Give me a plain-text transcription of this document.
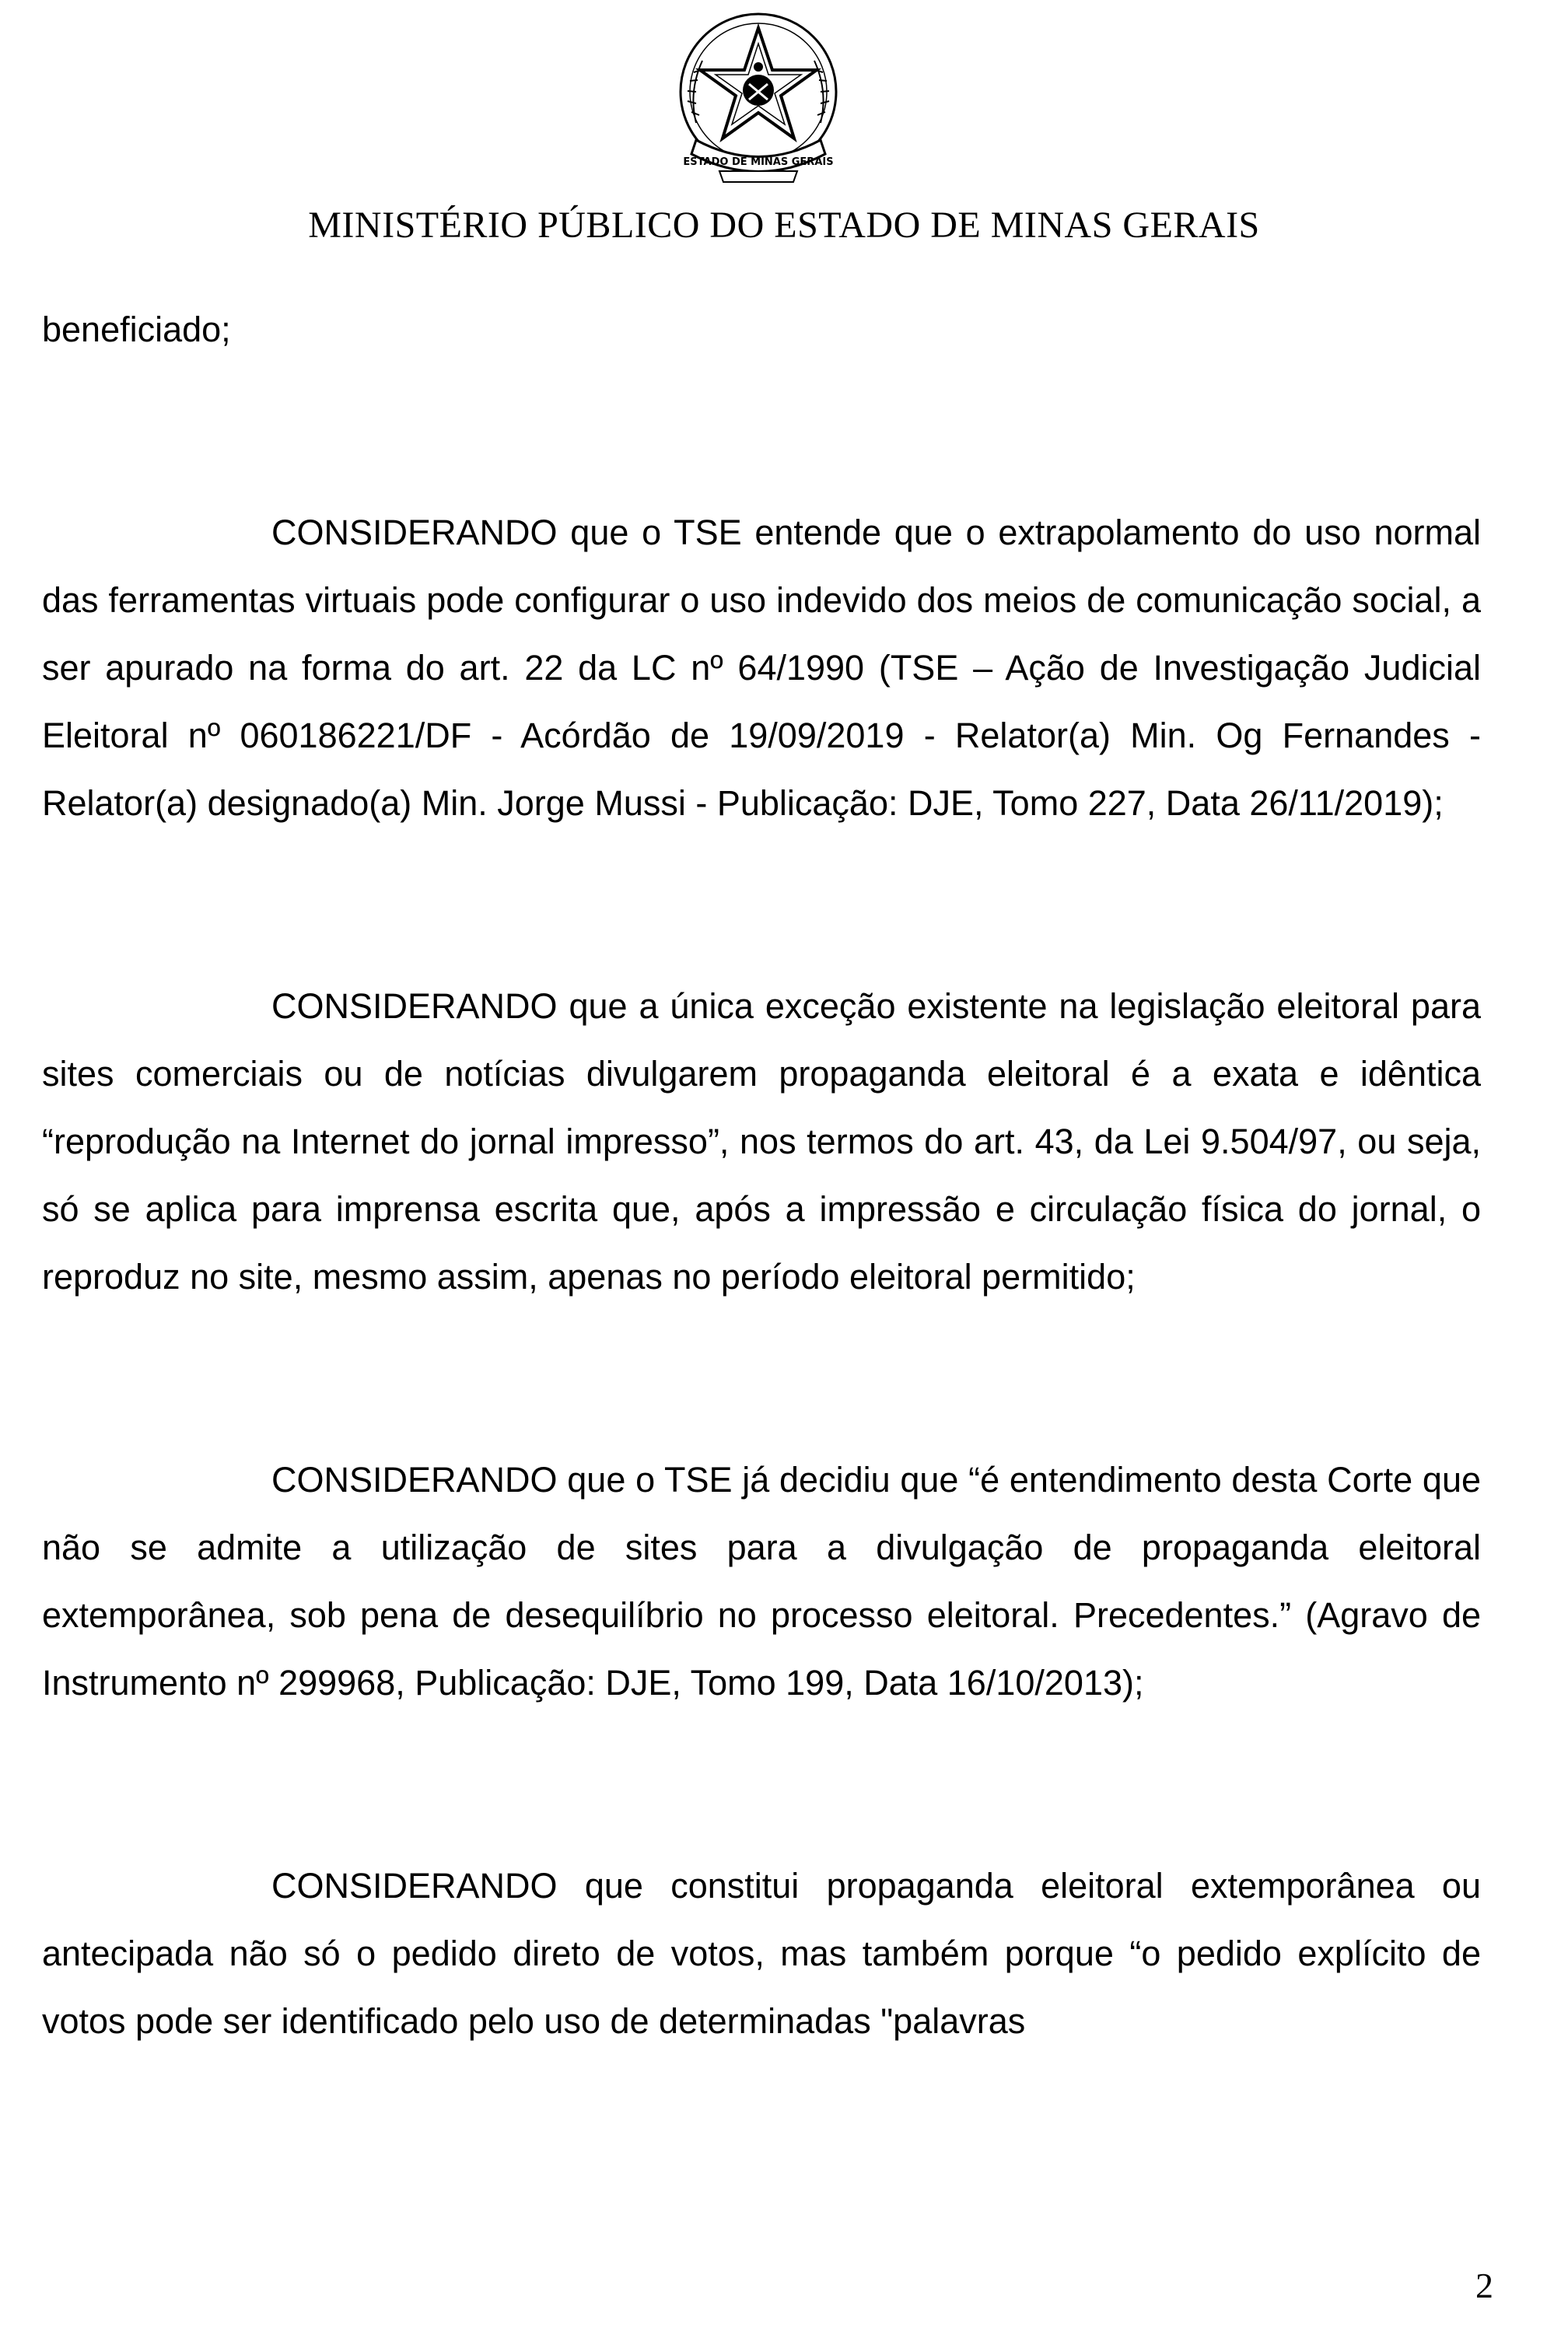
ESTADO DE MINAS GERAIS
MINISTÉRIO PÚBLICO DO ESTADO DE MINAS GERAIS

beneficiado;

CONSIDERANDO que o TSE entende que o extrapolamento do uso normal das ferramentas virtuais pode configurar o uso indevido dos meios de comunicação social, a ser apurado na forma do art. 22 da LC nº 64/1990 (TSE – Ação de Investigação Judicial Eleitoral nº 060186221/DF - Acórdão de 19/09/2019 - Relator(a) Min. Og Fernandes - Relator(a) designado(a) Min. Jorge Mussi - Publicação: DJE, Tomo 227, Data 26/11/2019);

CONSIDERANDO que a única exceção existente na legislação eleitoral para sites comerciais ou de notícias divulgarem propaganda eleitoral é a exata e idêntica “reprodução na Internet do jornal impresso”, nos termos do art. 43, da Lei 9.504/97, ou seja, só se aplica para imprensa escrita que, após a impressão e circulação física do jornal, o reproduz no site, mesmo assim, apenas no período eleitoral permitido;

CONSIDERANDO que o TSE já decidiu que “é entendimento desta Corte que não se admite a utilização de sites para a divulgação de propaganda eleitoral extemporânea, sob pena de desequilíbrio no processo eleitoral. Precedentes.” (Agravo de Instrumento nº 299968, Publicação: DJE, Tomo 199, Data 16/10/2013);

CONSIDERANDO que constitui propaganda eleitoral extemporânea ou antecipada não só o pedido direto de votos, mas também porque “o pedido explícito de votos pode ser identificado pelo uso de determinadas "palavras

2
